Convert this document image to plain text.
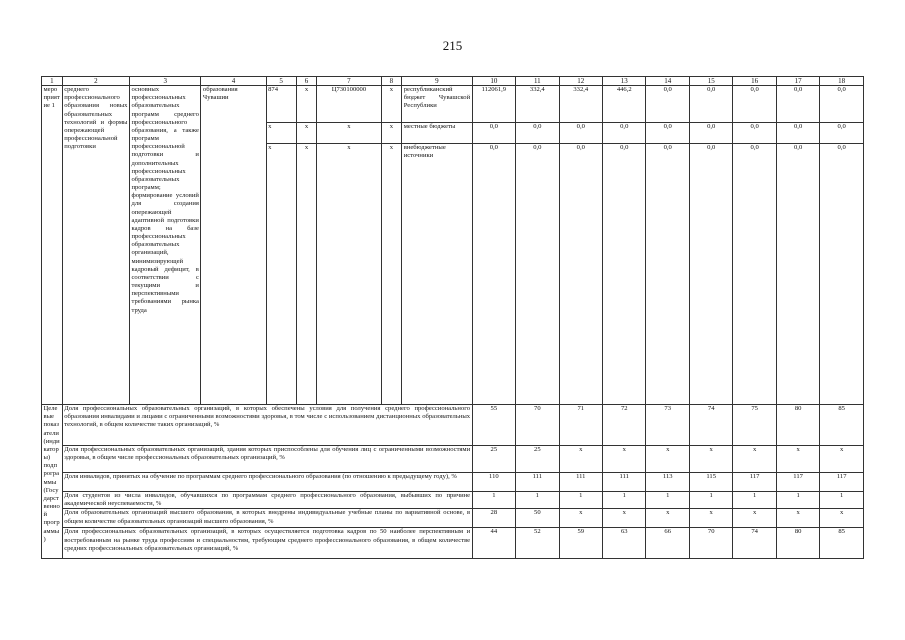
215
1	2	3	4	5	6	7	8	9	10	11	12	13	14	15	16	17	18
мероприятие 1	среднего профессионального образования новых образовательных технологий и формы опережающей профессиональной подготовки	основных профессиональных образовательных программ среднего профессионального образования, а также программ профессиональной подготовки и дополнительных профессиональных образовательных программ; формирование условий для создания опережающей адаптивной подготовки кадров на базе профессиональных образовательных организаций, минимизирующей кадровый дефицит, в соответствии с текущими и перспективными требованиями рынка труда	образования Чувашии	874	х	Ц730100000	х	республиканский бюджет Чувашской Республики	112061,9	332,4	332,4	446,2	0,0	0,0	0,0	0,0	0,0
				х	х	х	х	местные бюджеты	0,0	0,0	0,0	0,0	0,0	0,0	0,0	0,0	0,0
				х	х	х	х	внебюджетные источники	0,0	0,0	0,0	0,0	0,0	0,0	0,0	0,0	0,0
Целевые показатели (индикаторы) подпрограммы (Государственной программы)	Доля профессиональных образовательных организаций, в которых обеспечены условия для получения среднего профессионального образования инвалидами и лицами с ограниченными возможностями здоровья, в том числе с использованием дистанционных образовательных технологий, в общем количестве таких организаций, %								55	70	71	72	73	74	75	80	85
	Доля профессиональных образовательных организаций, здания которых приспособлены для обучения лиц с ограниченными возможностями здоровья, в общем числе профессиональных образовательных организаций, %								25	25	х	х	х	х	х	х	х
	Доля инвалидов, принятых на обучение по программам среднего профессионального образования (по отношению к предыдущему году), %								110	111	111	111	113	115	117	117	117
	Доля студентов из числа инвалидов, обучавшихся по программам среднего профессионального образования, выбывших по причине академической неуспеваемости, %								1	1	1	1	1	1	1	1	1
	Доля образовательных организаций высшего образования, в которых внедрены индивидуальные учебные планы по вариативной основе, в общем количестве образовательных организаций высшего образования, %								28	50	х	х	х	х	х	х	х
	Доля профессиональных образовательных организаций, в которых осуществляется подготовка кадров по 50 наиболее перспективным и востребованным на рынке труда профессиям и специальностям, требующим среднего профессионального образования, в общем количестве средних профессиональных образовательных организаций, %								44	52	59	63	66	70	74	80	85
